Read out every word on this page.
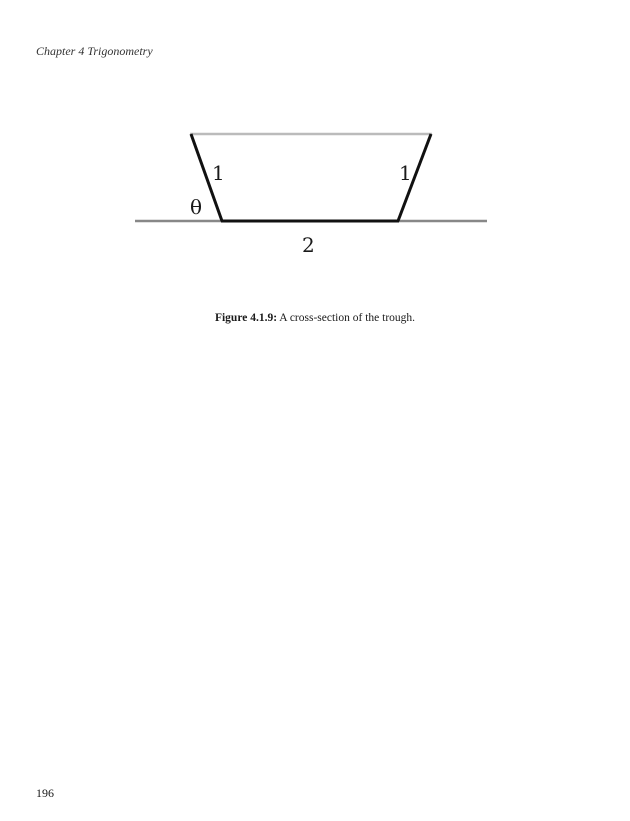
Chapter 4 Trigonometry
1	1
θ
2
Figure 4.1.9: A cross-section of the trough.
196
